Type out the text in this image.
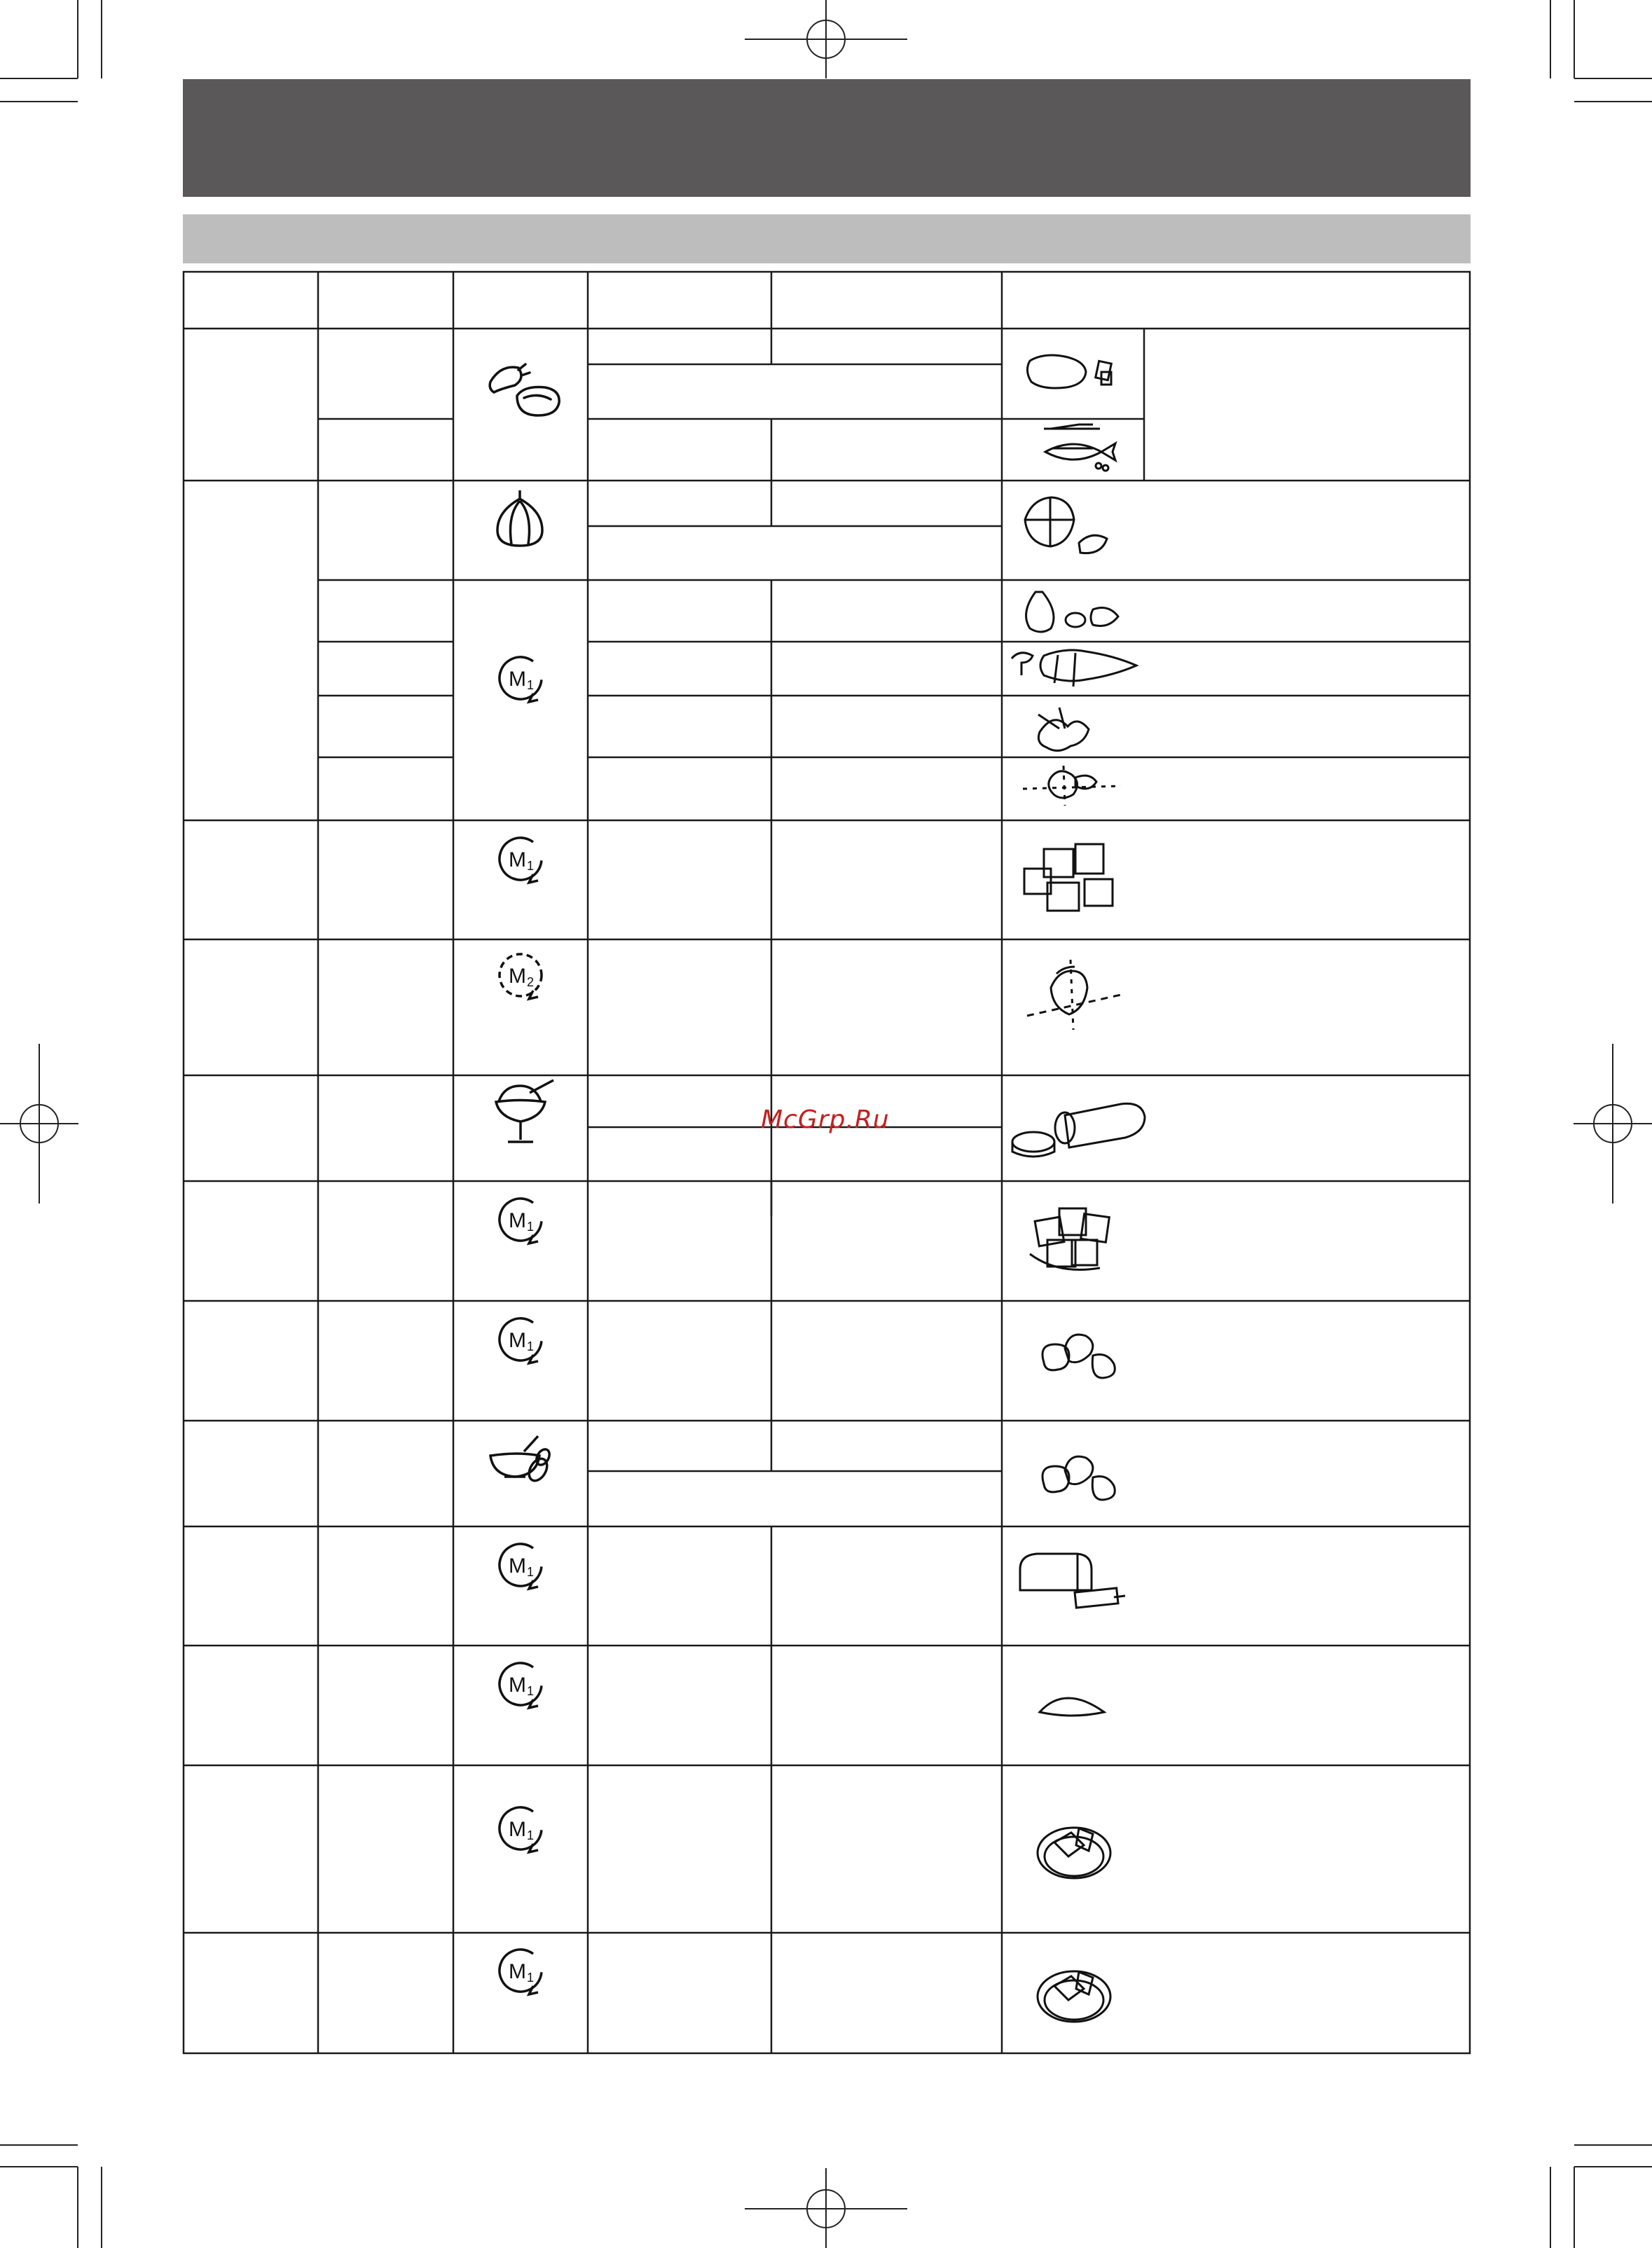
M 1
M 1
M 1
M 1
M 1
M 1
M 1
M 1
M 2
McGrp.Ru
